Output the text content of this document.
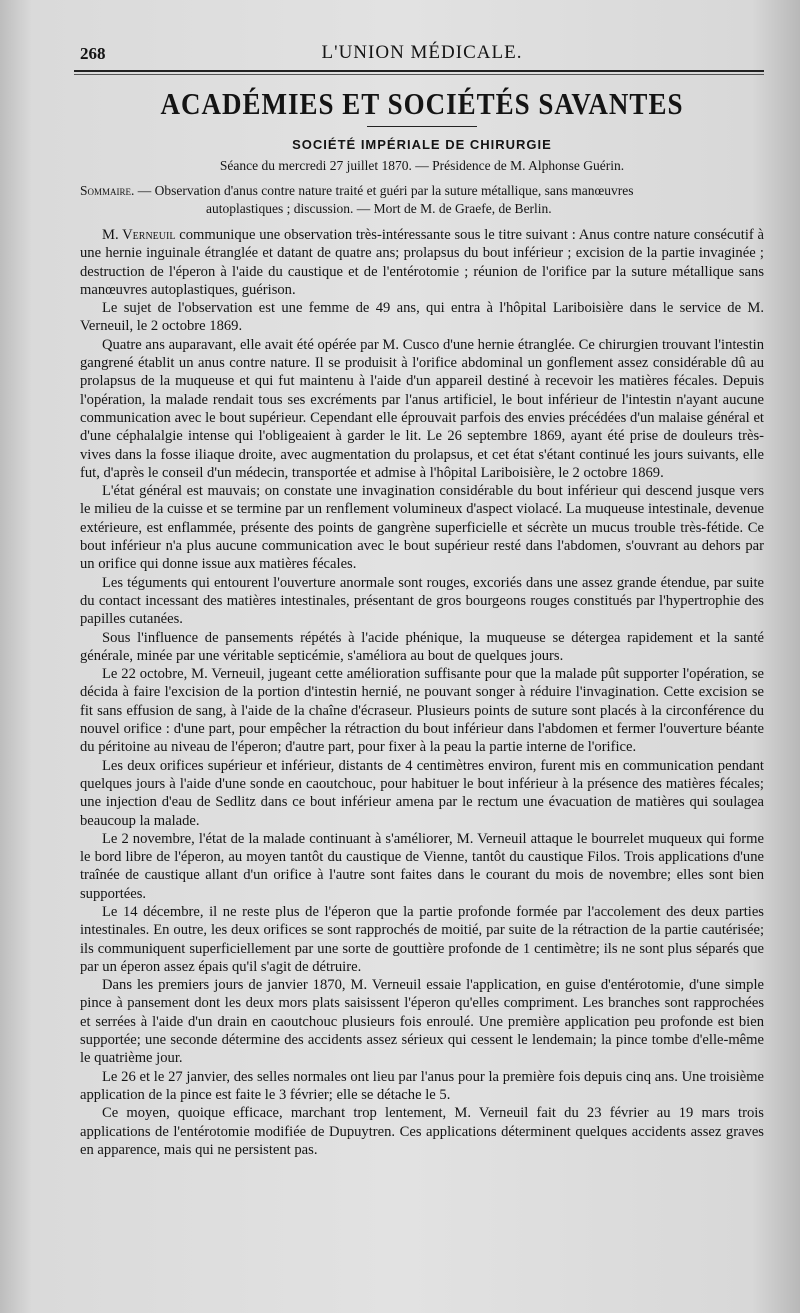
268	L'UNION MÉDICALE.
ACADÉMIES ET SOCIÉTÉS SAVANTES
SOCIÉTÉ IMPÉRIALE DE CHIRURGIE
Séance du mercredi 27 juillet 1870. — Présidence de M. Alphonse Guérin.
Sommaire. — Observation d'anus contre nature traité et guéri par la suture métallique, sans manœuvres
autoplastiques ; discussion. — Mort de M. de Graefe, de Berlin.

M. Verneuil communique une observation très-intéressante sous le titre suivant : Anus contre nature consécutif à une hernie inguinale étranglée et datant de quatre ans; prolapsus du bout inférieur ; excision de la partie invaginée ; destruction de l'éperon à l'aide du caustique et de l'entérotomie ; réunion de l'orifice par la suture métallique sans manœuvres autoplastiques, guérison.

Le sujet de l'observation est une femme de 49 ans, qui entra à l'hôpital Lariboisière dans le service de M. Verneuil, le 2 octobre 1869.

Quatre ans auparavant, elle avait été opérée par M. Cusco d'une hernie étranglée. Ce chirurgien trouvant l'intestin gangrené établit un anus contre nature. Il se produisit à l'orifice abdominal un gonflement assez considérable dû au prolapsus de la muqueuse et qui fut maintenu à l'aide d'un appareil destiné à recevoir les matières fécales. Depuis l'opération, la malade rendait tous ses excréments par l'anus artificiel, le bout inférieur de l'intestin n'ayant aucune communication avec le bout supérieur. Cependant elle éprouvait parfois des envies précédées d'un malaise général et d'une céphalalgie intense qui l'obligeaient à garder le lit. Le 26 septembre 1869, ayant été prise de douleurs très-vives dans la fosse iliaque droite, avec augmentation du prolapsus, et cet état s'étant continué les jours suivants, elle fut, d'après le conseil d'un médecin, transportée et admise à l'hôpital Lariboisière, le 2 octobre 1869.

L'état général est mauvais; on constate une invagination considérable du bout inférieur qui descend jusque vers le milieu de la cuisse et se termine par un renflement volumineux d'aspect violacé. La muqueuse intestinale, devenue extérieure, est enflammée, présente des points de gangrène superficielle et sécrète un mucus trouble très-fétide. Ce bout inférieur n'a plus aucune communication avec le bout supérieur resté dans l'abdomen, s'ouvrant au dehors par un orifice qui donne issue aux matières fécales.

Les téguments qui entourent l'ouverture anormale sont rouges, excoriés dans une assez grande étendue, par suite du contact incessant des matières intestinales, présentant de gros bourgeons rouges constitués par l'hypertrophie des papilles cutanées.

Sous l'influence de pansements répétés à l'acide phénique, la muqueuse se détergea rapidement et la santé générale, minée par une véritable septicémie, s'améliora au bout de quelques jours.

Le 22 octobre, M. Verneuil, jugeant cette amélioration suffisante pour que la malade pût supporter l'opération, se décida à faire l'excision de la portion d'intestin hernié, ne pouvant songer à réduire l'invagination. Cette excision se fit sans effusion de sang, à l'aide de la chaîne d'écraseur. Plusieurs points de suture sont placés à la circonférence du nouvel orifice : d'une part, pour empêcher la rétraction du bout inférieur dans l'abdomen et fermer l'ouverture béante du péritoine au niveau de l'éperon; d'autre part, pour fixer à la peau la partie interne de l'orifice.

Les deux orifices supérieur et inférieur, distants de 4 centimètres environ, furent mis en communication pendant quelques jours à l'aide d'une sonde en caoutchouc, pour habituer le bout inférieur à la présence des matières fécales; une injection d'eau de Sedlitz dans ce bout inférieur amena par le rectum une évacuation de matières qui soulagea beaucoup la malade.

Le 2 novembre, l'état de la malade continuant à s'améliorer, M. Verneuil attaque le bourrelet muqueux qui forme le bord libre de l'éperon, au moyen tantôt du caustique de Vienne, tantôt du caustique Filos. Trois applications d'une traînée de caustique allant d'un orifice à l'autre sont faites dans le courant du mois de novembre; elles sont bien supportées.

Le 14 décembre, il ne reste plus de l'éperon que la partie profonde formée par l'accolement des deux parties intestinales. En outre, les deux orifices se sont rapprochés de moitié, par suite de la rétraction de la partie cautérisée; ils communiquent superficiellement par une sorte de gouttière profonde de 1 centimètre; ils ne sont plus séparés que par un éperon assez épais qu'il s'agit de détruire.

Dans les premiers jours de janvier 1870, M. Verneuil essaie l'application, en guise d'entérotomie, d'une simple pince à pansement dont les deux mors plats saisissent l'éperon qu'elles compriment. Les branches sont rapprochées et serrées à l'aide d'un drain en caoutchouc plusieurs fois enroulé. Une première application peu profonde est bien supportée; une seconde détermine des accidents assez sérieux qui cessent le lendemain; la pince tombe d'elle-même le quatrième jour.

Le 26 et le 27 janvier, des selles normales ont lieu par l'anus pour la première fois depuis cinq ans. Une troisième application de la pince est faite le 3 février; elle se détache le 5.

Ce moyen, quoique efficace, marchant trop lentement, M. Verneuil fait du 23 février au 19 mars trois applications de l'entérotomie modifiée de Dupuytren. Ces applications déterminent quelques accidents assez graves en apparence, mais qui ne persistent pas.
